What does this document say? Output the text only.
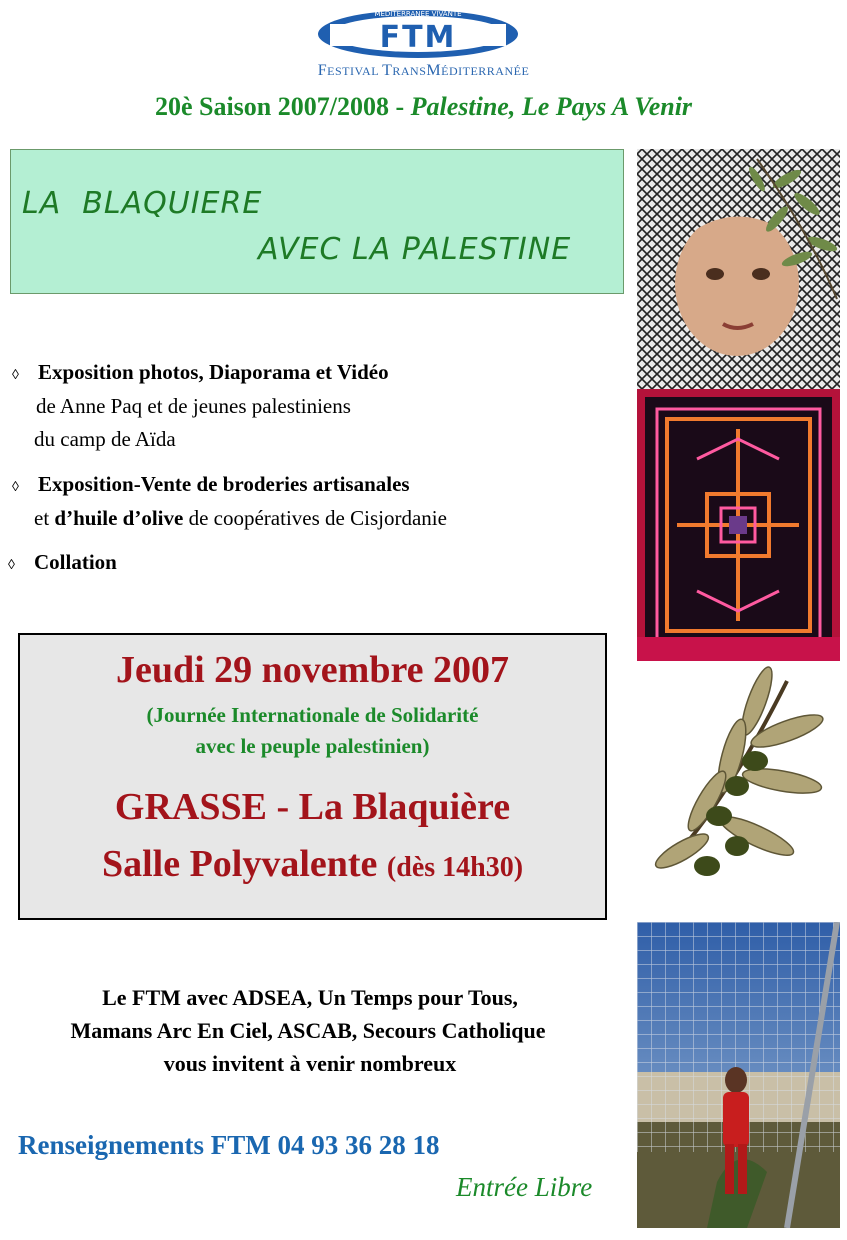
FTM
MÉDITERRANÉE VIVANTE
FESTIVAL TRANSMÉDITERRANÉE
20è Saison 2007/2008 - Palestine, Le Pays A Venir
LA  BLAQUIERE
AVEC LA PALESTINE
◊ Exposition photos, Diaporama et Vidéo
de Anne Paq et de jeunes palestiniens
du camp de Aïda
◊ Exposition-Vente de broderies artisanales
et d’huile d’olive de coopératives de Cisjordanie
◊ Collation
Jeudi 29 novembre 2007
(Journée Internationale de Solidarité
avec le peuple palestinien)
GRASSE - La Blaquière
Salle Polyvalente (dès 14h30)
Le FTM avec ADSEA, Un Temps pour Tous,
Mamans Arc En Ciel, ASCAB, Secours Catholique
vous invitent à venir nombreux
Renseignements FTM 04 93 36 28 18
Entrée Libre
